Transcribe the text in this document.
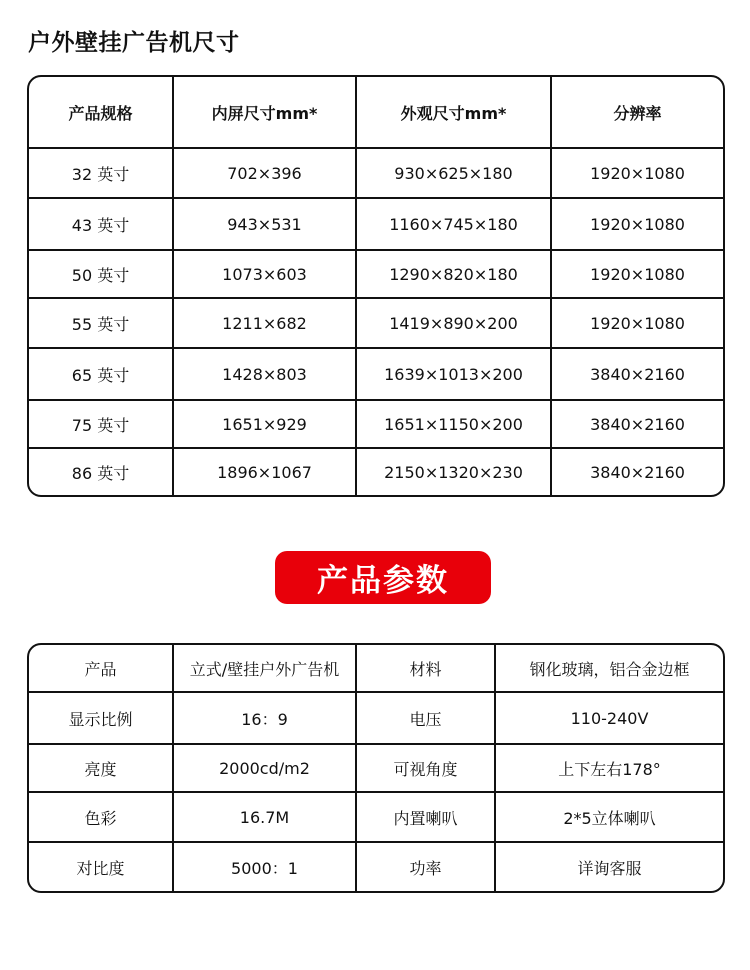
户外壁挂广告机尺寸
产品规格	内屏尺寸mm*	外观尺寸mm*	分辨率
32 英寸	702×396	930×625×180	1920×1080
43 英寸	943×531	1160×745×180	1920×1080
50 英寸	1073×603	1290×820×180	1920×1080
55 英寸	1211×682	1419×890×200	1920×1080
65 英寸	1428×803	1639×1013×200	3840×2160
75 英寸	1651×929	1651×1150×200	3840×2160
86 英寸	1896×1067	2150×1320×230	3840×2160
产品参数
产品	立式/壁挂户外广告机	材料	钢化玻璃，铝合金边框
显示比例	16：9	电压	110-240V
亮度	2000cd/m2	可视角度	上下左右178°
色彩	16.7M	内置喇叭	2*5立体喇叭
对比度	5000：1	功率	详询客服
